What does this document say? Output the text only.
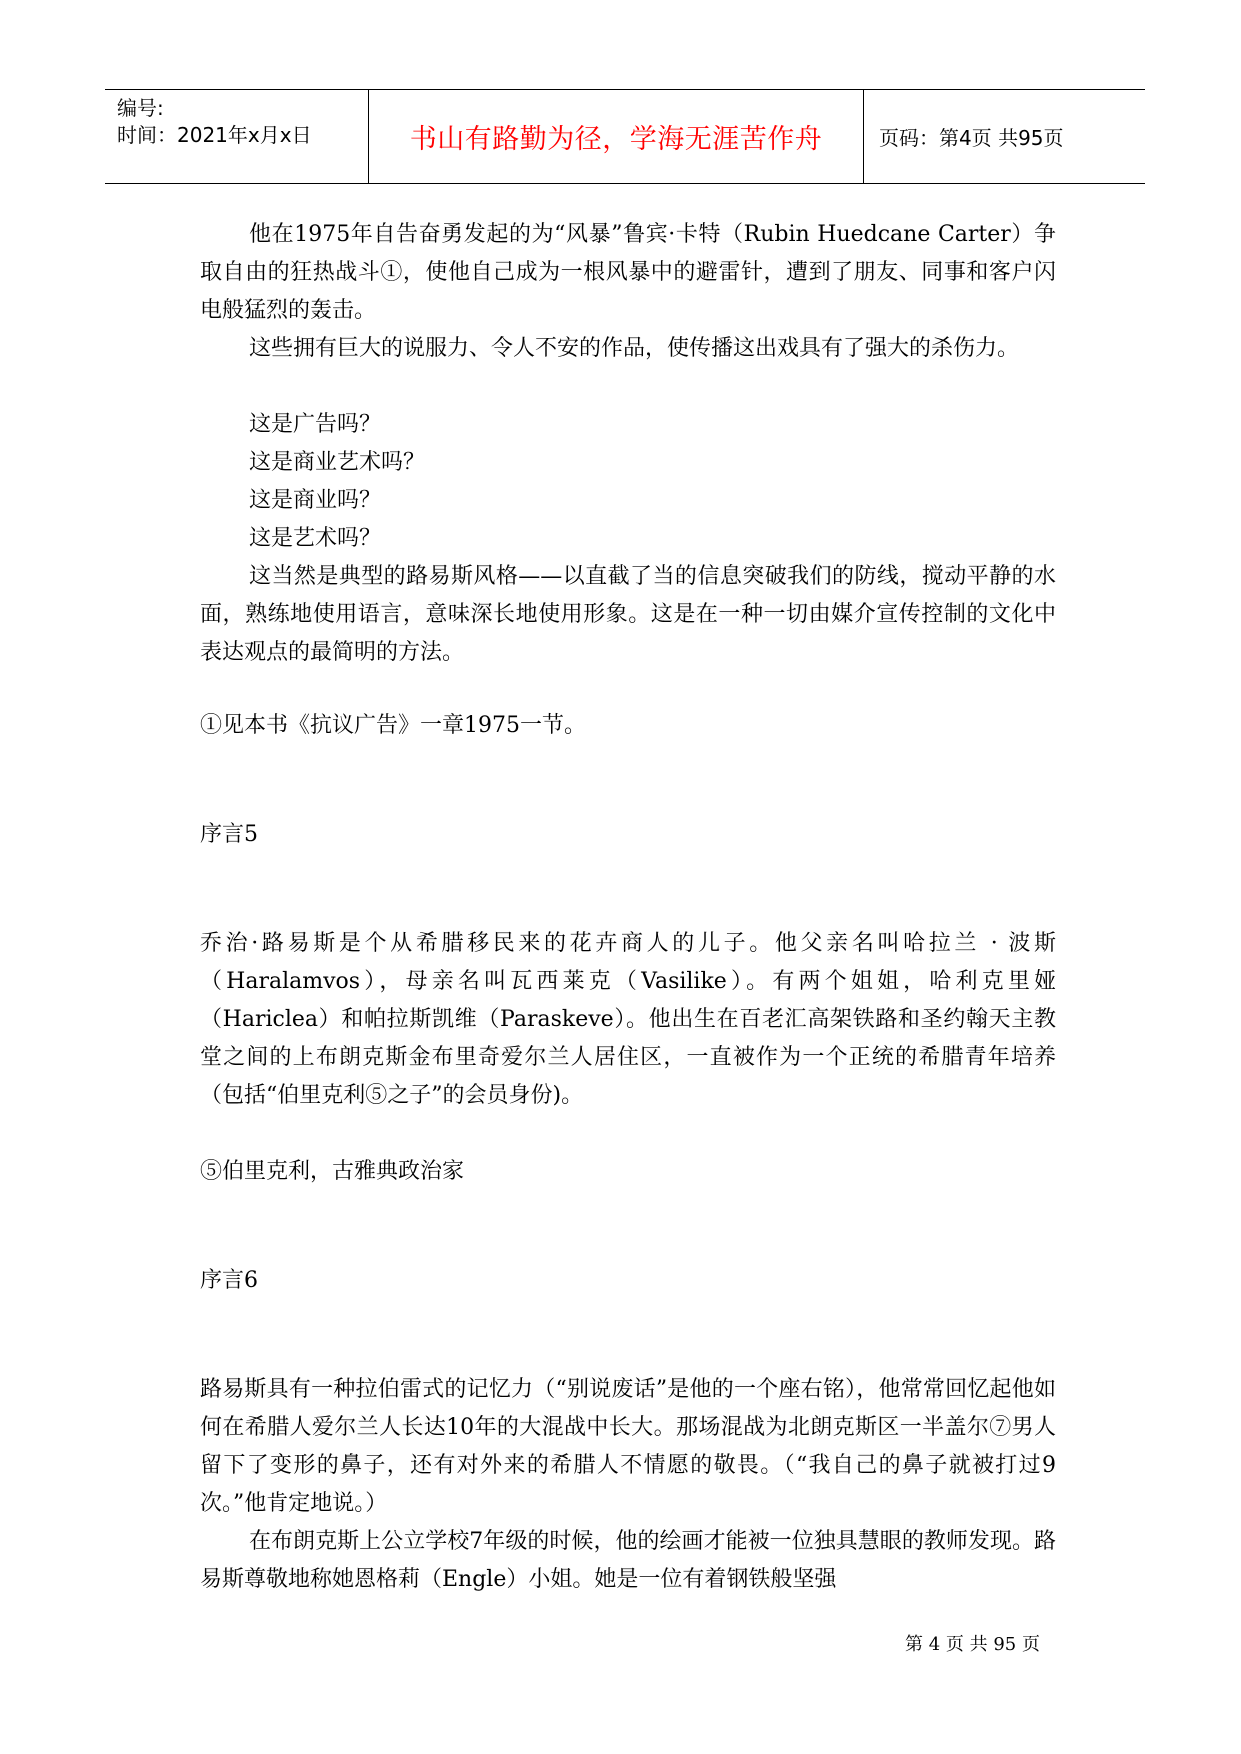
编号:
时间：2021年x月x日	书山有路勤为径，学海无涯苦作舟	页码：第4页 共95页

他在1975年自告奋勇发起的为“风暴”鲁宾·卡特（Rubin Huedcane Carter）争取自由的狂热战斗①，使他自己成为一根风暴中的避雷针，遭到了朋友、同事和客户闪电般猛烈的轰击。

这些拥有巨大的说服力、令人不安的作品，使传播这出戏具有了强大的杀伤力。

这是广告吗？

这是商业艺术吗？

这是商业吗？

这是艺术吗？

这当然是典型的路易斯风格——以直截了当的信息突破我们的防线，搅动平静的水面，熟练地使用语言，意味深长地使用形象。这是在一种一切由媒介宣传控制的文化中表达观点的最简明的方法。

①见本书《抗议广告》一章1975一节。

序言5

乔治·路易斯是个从希腊移民来的花卉商人的儿子。他父亲名叫哈拉兰 · 波斯（Haralamvos），母亲名叫瓦西莱克（Vasilike）。有两个姐姐，哈利克里娅（Hariclea）和帕拉斯凯维（Paraskeve）。他出生在百老汇高架铁路和圣约翰天主教堂之间的上布朗克斯金布里奇爱尔兰人居住区，一直被作为一个正统的希腊青年培养（包括“伯里克利⑤之子”的会员身份)。

⑤伯里克利，古雅典政治家

序言6

路易斯具有一种拉伯雷式的记忆力（“别说废话”是他的一个座右铭），他常常回忆起他如何在希腊人爱尔兰人长达10年的大混战中长大。那场混战为北朗克斯区一半盖尔⑦男人留下了变形的鼻子，还有对外来的希腊人不情愿的敬畏。（“我自己的鼻子就被打过9次。”他肯定地说。）

在布朗克斯上公立学校7年级的时候，他的绘画才能被一位独具慧眼的教师发现。路易斯尊敬地称她恩格莉（Engle）小姐。她是一位有着钢铁般坚强

第 4 页 共 95 页
